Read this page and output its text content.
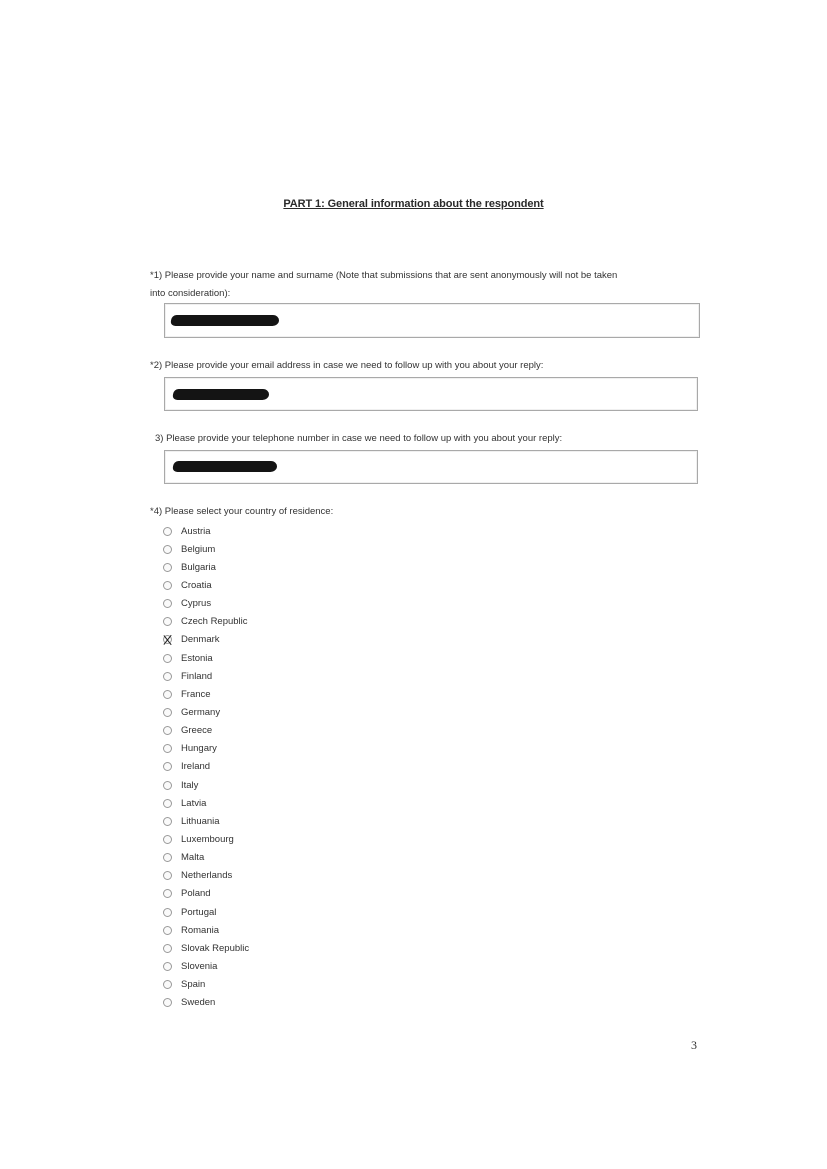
PART 1: General information about the respondent
*1) Please provide your name and surname (Note that submissions that are sent anonymously will not be taken
into consideration):
*2) Please provide your email address in case we need to follow up with you about your reply:
3) Please provide your telephone number in case we need to follow up with you about your reply:
*4) Please select your country of residence:
Austria
Belgium
Bulgaria
Croatia
Cyprus
Czech Republic
Denmark
Estonia
Finland
France
Germany
Greece
Hungary
Ireland
Italy
Latvia
Lithuania
Luxembourg
Malta
Netherlands
Poland
Portugal
Romania
Slovak Republic
Slovenia
Spain
Sweden
3
